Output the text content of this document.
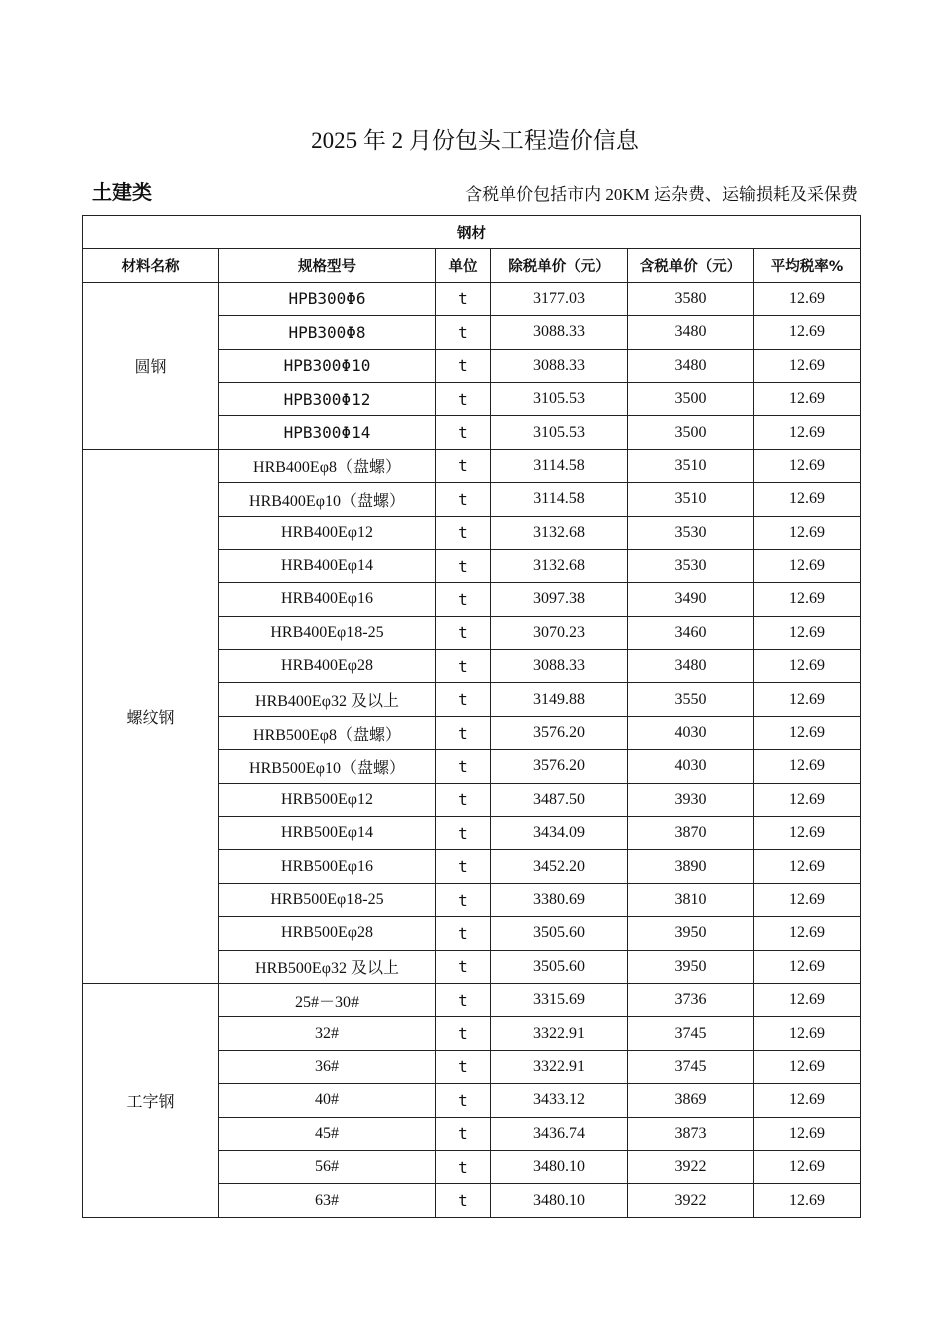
2025 年 2 月份包头工程造价信息
土建类	含税单价包括市内 20KM 运杂费、运输损耗及采保费
钢材					
材料名称	规格型号	单位	除税单价（元）	含税单价（元）	平均税率%
圆钢	HPB300Φ6	t	3177.03	3580	12.69
	HPB300Φ8	t	3088.33	3480	12.69
	HPB300Φ10	t	3088.33	3480	12.69
	HPB300Φ12	t	3105.53	3500	12.69
	HPB300Φ14	t	3105.53	3500	12.69
螺纹钢	HRB400Eφ8（盘螺）	t	3114.58	3510	12.69
	HRB400Eφ10（盘螺）	t	3114.58	3510	12.69
	HRB400Eφ12	t	3132.68	3530	12.69
	HRB400Eφ14	t	3132.68	3530	12.69
	HRB400Eφ16	t	3097.38	3490	12.69
	HRB400Eφ18-25	t	3070.23	3460	12.69
	HRB400Eφ28	t	3088.33	3480	12.69
	HRB400Eφ32 及以上	t	3149.88	3550	12.69
	HRB500Eφ8（盘螺）	t	3576.20	4030	12.69
	HRB500Eφ10（盘螺）	t	3576.20	4030	12.69
	HRB500Eφ12	t	3487.50	3930	12.69
	HRB500Eφ14	t	3434.09	3870	12.69
	HRB500Eφ16	t	3452.20	3890	12.69
	HRB500Eφ18-25	t	3380.69	3810	12.69
	HRB500Eφ28	t	3505.60	3950	12.69
	HRB500Eφ32 及以上	t	3505.60	3950	12.69
工字钢	25#－30#	t	3315.69	3736	12.69
	32#	t	3322.91	3745	12.69
	36#	t	3322.91	3745	12.69
	40#	t	3433.12	3869	12.69
	45#	t	3436.74	3873	12.69
	56#	t	3480.10	3922	12.69
	63#	t	3480.10	3922	12.69
